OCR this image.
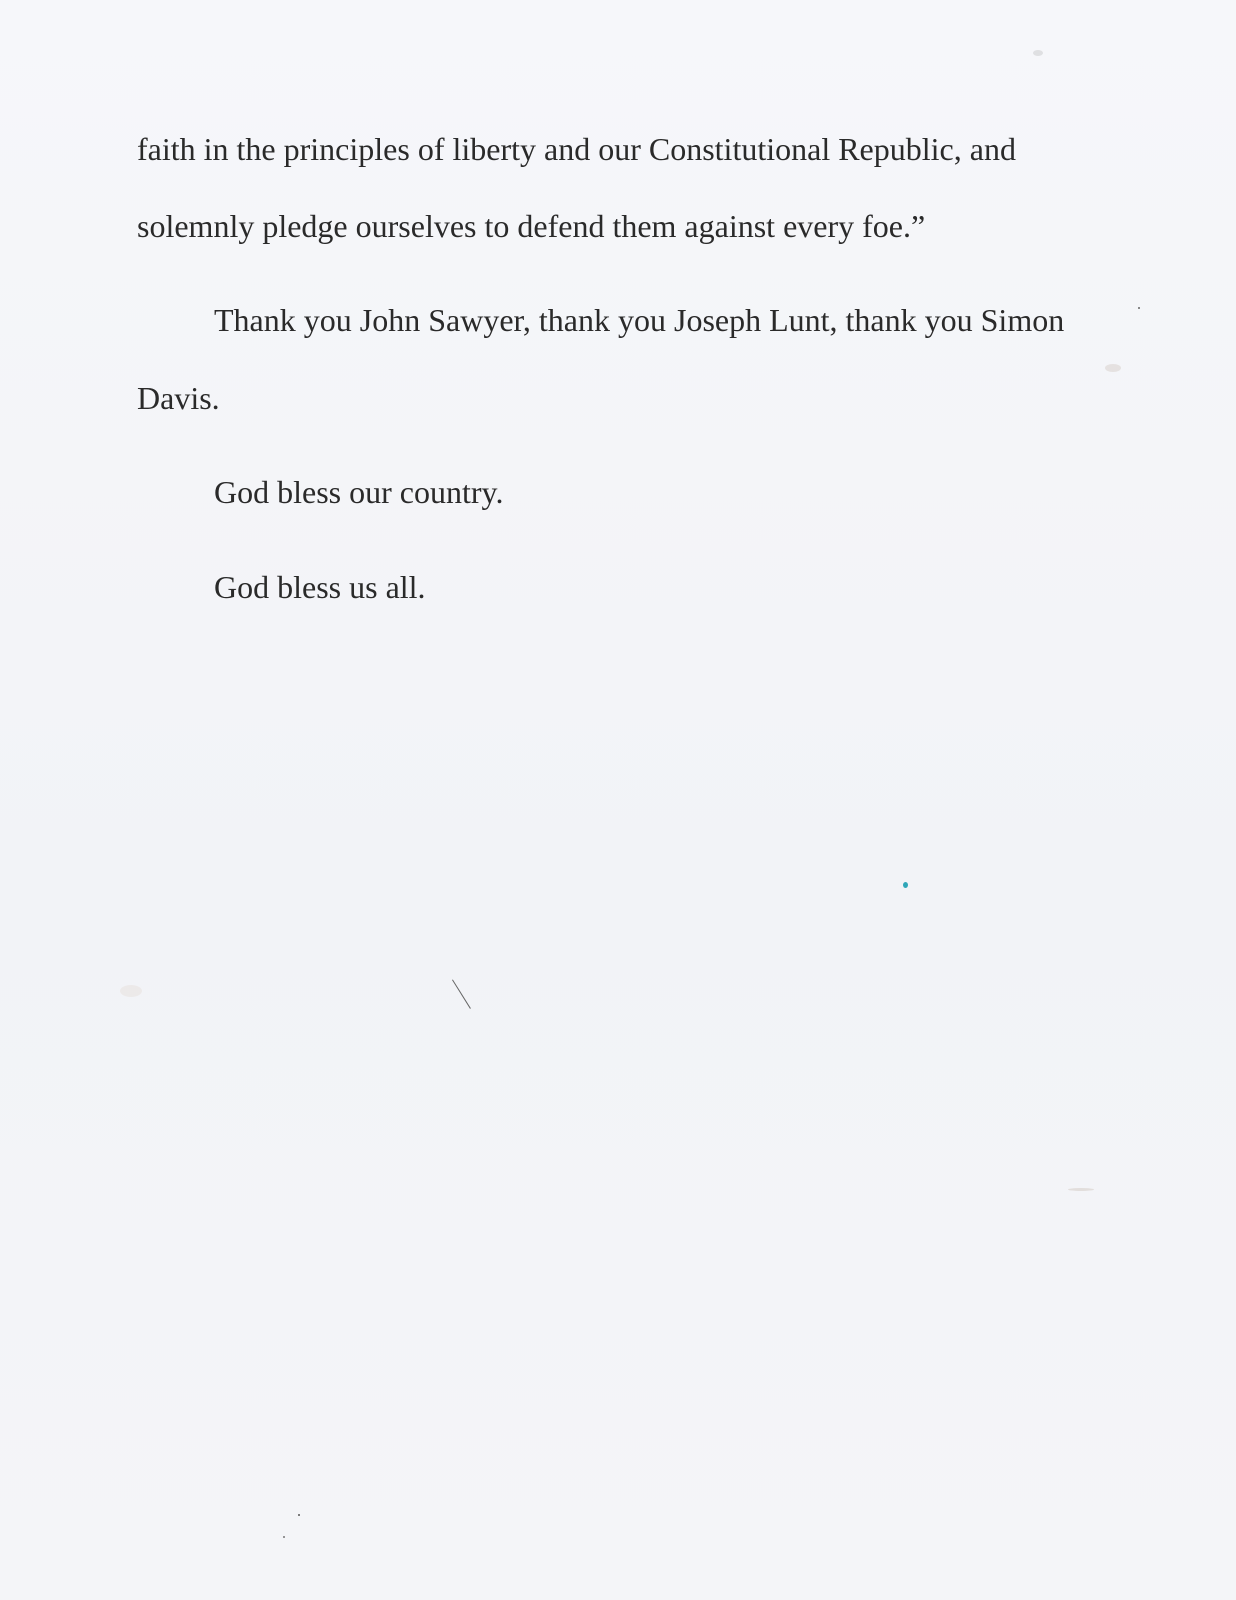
faith in the principles of liberty and our Constitutional Republic, and
solemnly pledge ourselves to defend them against every foe.”
Thank you John Sawyer, thank you Joseph Lunt, thank you Simon
Davis.
God bless our country.
God bless us all.
